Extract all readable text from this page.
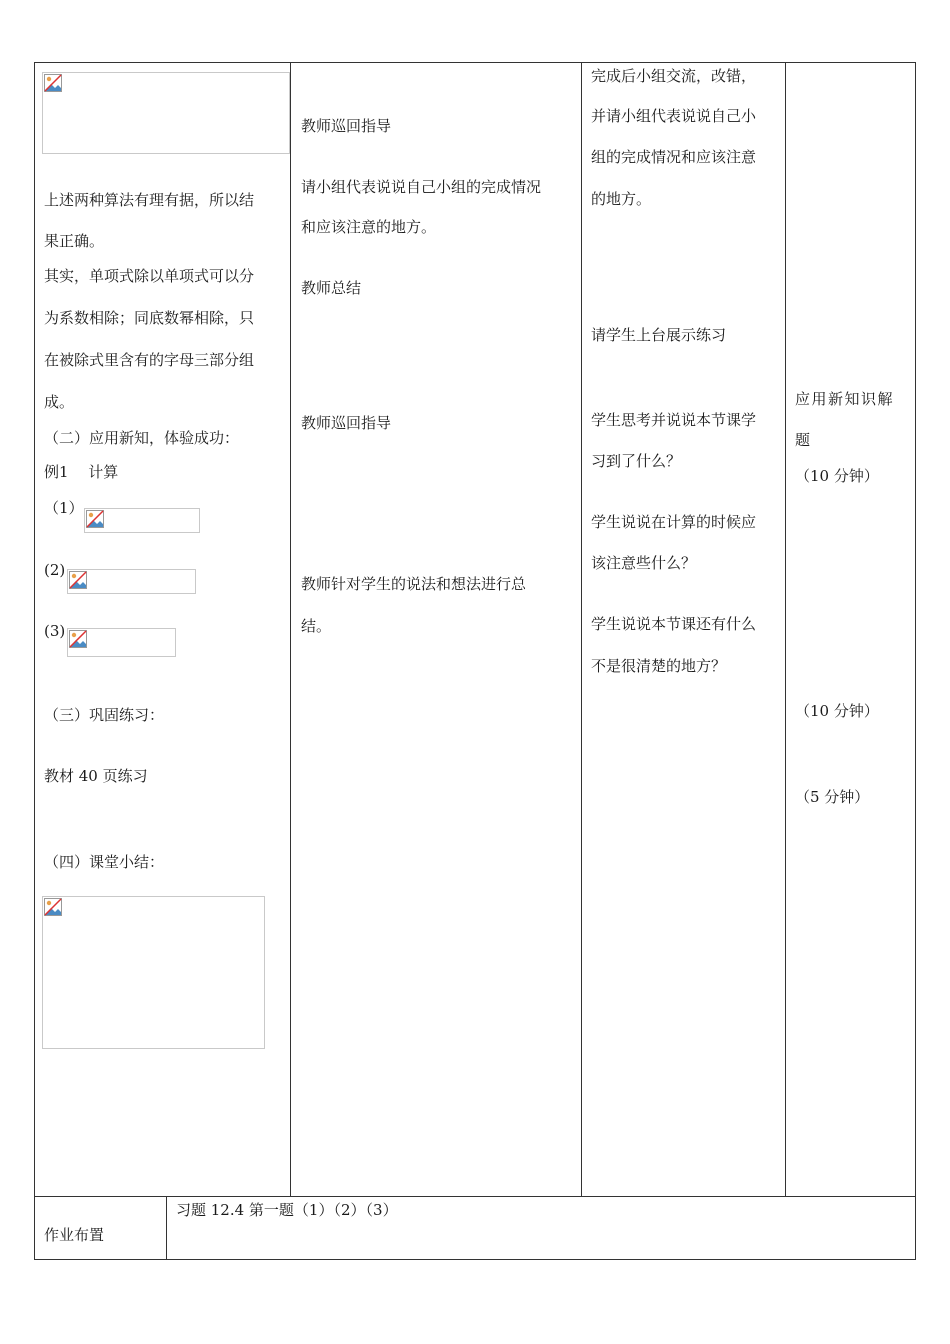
上述两种算法有理有据，所以结
果正确。
其实，单项式除以单项式可以分
为系数相除；同底数幂相除，只
在被除式里含有的字母三部分组
成。
（二）应用新知，体验成功：
例1　 计算
（1）
(2)
(3)
（三）巩固练习：
教材 40 页练习
（四）课堂小结：
教师巡回指导
请小组代表说说自己小组的完成情况
和应该注意的地方。
教师总结
教师巡回指导
教师针对学生的说法和想法进行总
结。
完成后小组交流，改错，
并请小组代表说说自己小
组的完成情况和应该注意
的地方。
请学生上台展示练习
学生思考并说说本节课学
习到了什么？
学生说说在计算的时候应
该注意些什么？
学生说说本节课还有什么
不是很清楚的地方？
应用新知识解
题
（10 分钟）
（10 分钟）
（5 分钟）
作业布置
习题 12.4 第一题（1）（2）（3）
